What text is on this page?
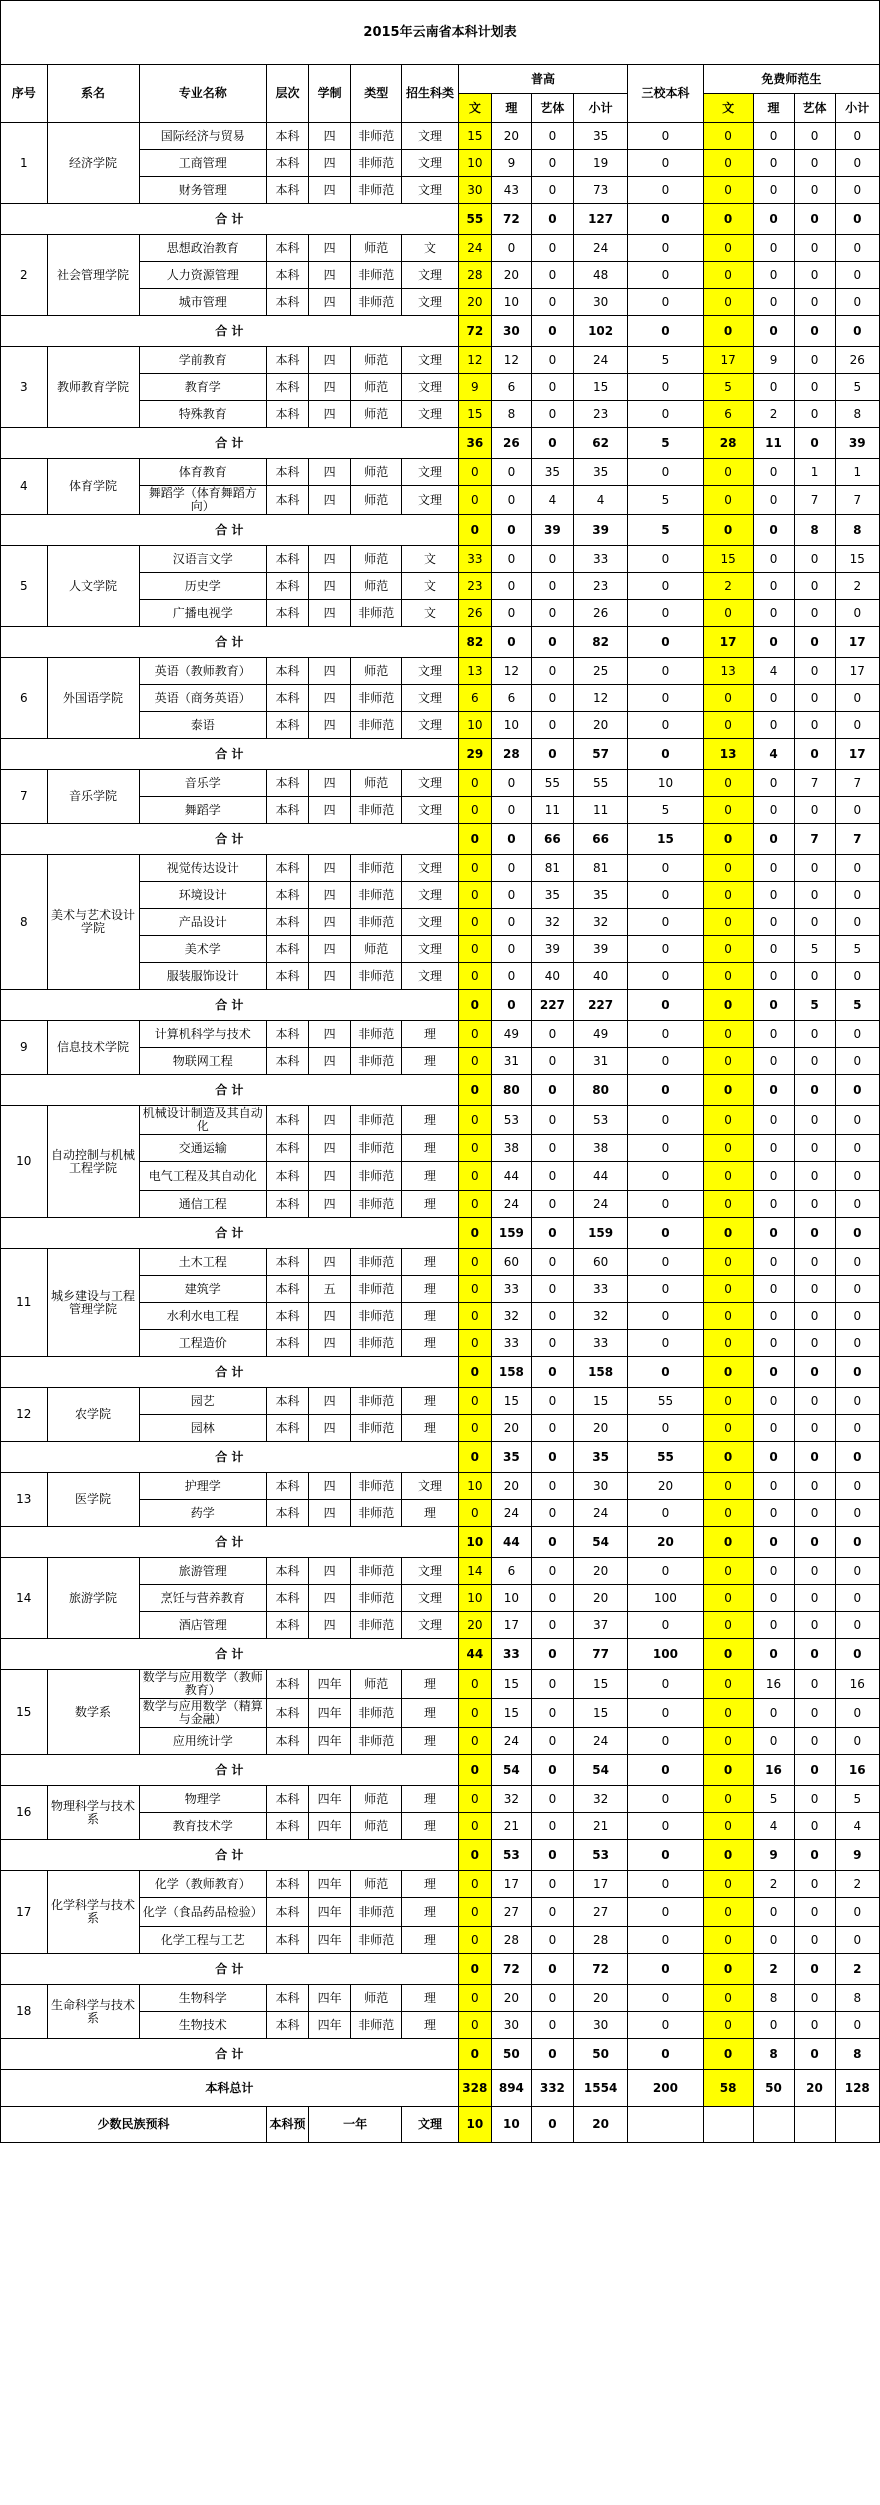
2015年云南省本科计划表
序号	系名	专业名称	层次	学制	类型	招生科类	普高				三校本科	免费师范生			
							文	理	艺体	小计		文	理	艺体	小计
1	经济学院	国际经济与贸易	本科	四	非师范	文理	15	20	0	35	0	0	0	0	0
		工商管理	本科	四	非师范	文理	10	9	0	19	0	0	0	0	0
		财务管理	本科	四	非师范	文理	30	43	0	73	0	0	0	0	0
合 计							55	72	0	127	0	0	0	0	0
2	社会管理学院	思想政治教育	本科	四	师范	文	24	0	0	24	0	0	0	0	0
		人力资源管理	本科	四	非师范	文理	28	20	0	48	0	0	0	0	0
		城市管理	本科	四	非师范	文理	20	10	0	30	0	0	0	0	0
合 计							72	30	0	102	0	0	0	0	0
3	教师教育学院	学前教育	本科	四	师范	文理	12	12	0	24	5	17	9	0	26
		教育学	本科	四	师范	文理	9	6	0	15	0	5	0	0	5
		特殊教育	本科	四	师范	文理	15	8	0	23	0	6	2	0	8
合 计							36	26	0	62	5	28	11	0	39
4	体育学院	体育教育	本科	四	师范	文理	0	0	35	35	0	0	0	1	1
		舞蹈学（体育舞蹈方向）	本科	四	师范	文理	0	0	4	4	5	0	0	7	7
合 计							0	0	39	39	5	0	0	8	8
5	人文学院	汉语言文学	本科	四	师范	文	33	0	0	33	0	15	0	0	15
		历史学	本科	四	师范	文	23	0	0	23	0	2	0	0	2
		广播电视学	本科	四	非师范	文	26	0	0	26	0	0	0	0	0
合 计							82	0	0	82	0	17	0	0	17
6	外国语学院	英语（教师教育）	本科	四	师范	文理	13	12	0	25	0	13	4	0	17
		英语（商务英语）	本科	四	非师范	文理	6	6	0	12	0	0	0	0	0
		泰语	本科	四	非师范	文理	10	10	0	20	0	0	0	0	0
合 计							29	28	0	57	0	13	4	0	17
7	音乐学院	音乐学	本科	四	师范	文理	0	0	55	55	10	0	0	7	7
		舞蹈学	本科	四	非师范	文理	0	0	11	11	5	0	0	0	0
合 计							0	0	66	66	15	0	0	7	7
8	美术与艺术设计学院	视觉传达设计	本科	四	非师范	文理	0	0	81	81	0	0	0	0	0
		环境设计	本科	四	非师范	文理	0	0	35	35	0	0	0	0	0
		产品设计	本科	四	非师范	文理	0	0	32	32	0	0	0	0	0
		美术学	本科	四	师范	文理	0	0	39	39	0	0	0	5	5
		服装服饰设计	本科	四	非师范	文理	0	0	40	40	0	0	0	0	0
合 计							0	0	227	227	0	0	0	5	5
9	信息技术学院	计算机科学与技术	本科	四	非师范	理	0	49	0	49	0	0	0	0	0
		物联网工程	本科	四	非师范	理	0	31	0	31	0	0	0	0	0
合 计							0	80	0	80	0	0	0	0	0
10	自动控制与机械工程学院	机械设计制造及其自动化	本科	四	非师范	理	0	53	0	53	0	0	0	0	0
		交通运输	本科	四	非师范	理	0	38	0	38	0	0	0	0	0
		电气工程及其自动化	本科	四	非师范	理	0	44	0	44	0	0	0	0	0
		通信工程	本科	四	非师范	理	0	24	0	24	0	0	0	0	0
合 计							0	159	0	159	0	0	0	0	0
11	城乡建设与工程管理学院	土木工程	本科	四	非师范	理	0	60	0	60	0	0	0	0	0
		建筑学	本科	五	非师范	理	0	33	0	33	0	0	0	0	0
		水利水电工程	本科	四	非师范	理	0	32	0	32	0	0	0	0	0
		工程造价	本科	四	非师范	理	0	33	0	33	0	0	0	0	0
合 计							0	158	0	158	0	0	0	0	0
12	农学院	园艺	本科	四	非师范	理	0	15	0	15	55	0	0	0	0
		园林	本科	四	非师范	理	0	20	0	20	0	0	0	0	0
合 计							0	35	0	35	55	0	0	0	0
13	医学院	护理学	本科	四	非师范	文理	10	20	0	30	20	0	0	0	0
		药学	本科	四	非师范	理	0	24	0	24	0	0	0	0	0
合 计							10	44	0	54	20	0	0	0	0
14	旅游学院	旅游管理	本科	四	非师范	文理	14	6	0	20	0	0	0	0	0
		烹饪与营养教育	本科	四	非师范	文理	10	10	0	20	100	0	0	0	0
		酒店管理	本科	四	非师范	文理	20	17	0	37	0	0	0	0	0
合 计							44	33	0	77	100	0	0	0	0
15	数学系	数学与应用数学（教师教育）	本科	四年	师范	理	0	15	0	15	0	0	16	0	16
		数学与应用数学（精算与金融）	本科	四年	非师范	理	0	15	0	15	0	0	0	0	0
		应用统计学	本科	四年	非师范	理	0	24	0	24	0	0	0	0	0
合 计							0	54	0	54	0	0	16	0	16
16	物理科学与技术系	物理学	本科	四年	师范	理	0	32	0	32	0	0	5	0	5
		教育技术学	本科	四年	师范	理	0	21	0	21	0	0	4	0	4
合 计							0	53	0	53	0	0	9	0	9
17	化学科学与技术系	化学（教师教育）	本科	四年	师范	理	0	17	0	17	0	0	2	0	2
		化学（食品药品检验）	本科	四年	非师范	理	0	27	0	27	0	0	0	0	0
		化学工程与工艺	本科	四年	非师范	理	0	28	0	28	0	0	0	0	0
合 计							0	72	0	72	0	0	2	0	2
18	生命科学与技术系	生物科学	本科	四年	师范	理	0	20	0	20	0	0	8	0	8
		生物技术	本科	四年	非师范	理	0	30	0	30	0	0	0	0	0
合 计							0	50	0	50	0	0	8	0	8
本科总计							328	894	332	1554	200	58	50	20	128
少数民族预科			本科预	一年		文理	10	10	0	20					
